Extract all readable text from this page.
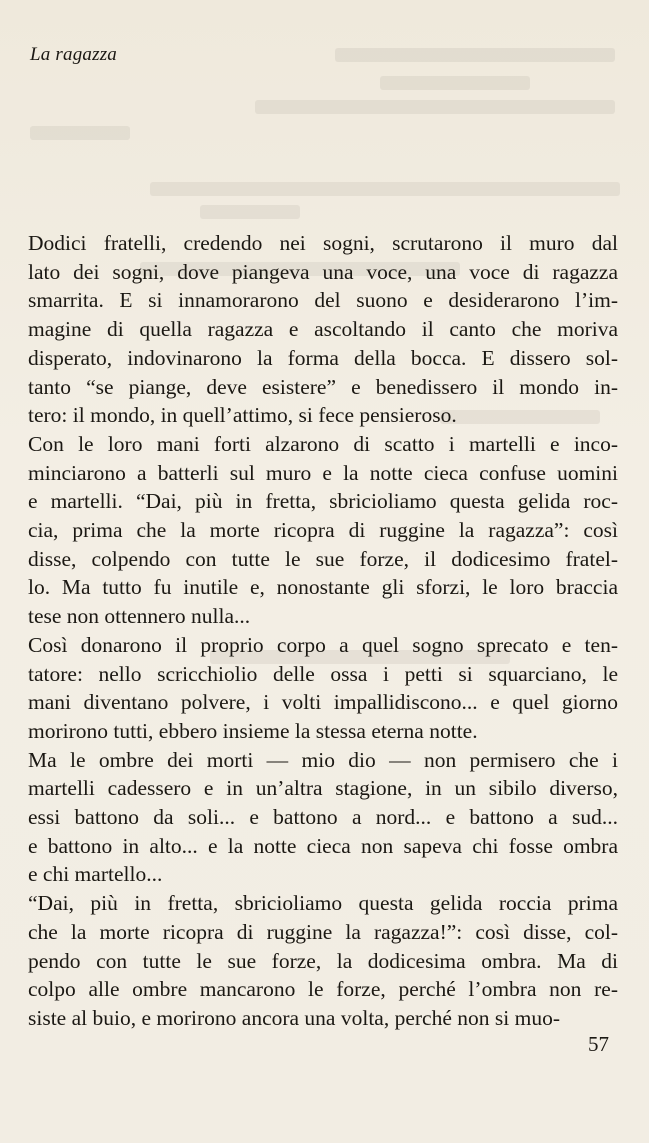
La ragazza
Dodici fratelli, credendo nei sogni, scrutarono il muro dal
lato dei sogni, dove piangeva una voce, una voce di ragazza
smarrita. E si innamorarono del suono e desiderarono l’im-
magine di quella ragazza e ascoltando il canto che moriva
disperato, indovinarono la forma della bocca. E dissero sol-
tanto “se piange, deve esistere” e benedissero il mondo in-
tero: il mondo, in quell’attimo, si fece pensieroso.
Con le loro mani forti alzarono di scatto i martelli e inco-
minciarono a batterli sul muro e la notte cieca confuse uomini
e martelli. “Dai, più in fretta, sbricioliamo questa gelida roc-
cia, prima che la morte ricopra di ruggine la ragazza”: così
disse, colpendo con tutte le sue forze, il dodicesimo fratel-
lo. Ma tutto fu inutile e, nonostante gli sforzi, le loro braccia
tese non ottennero nulla...
Così donarono il proprio corpo a quel sogno sprecato e ten-
tatore: nello scricchiolio delle ossa i petti si squarciano, le
mani diventano polvere, i volti impallidiscono... e quel giorno
morirono tutti, ebbero insieme la stessa eterna notte.
Ma le ombre dei morti — mio dio — non permisero che i
martelli cadessero e in un’altra stagione, in un sibilo diverso,
essi battono da soli... e battono a nord... e battono a sud...
e battono in alto... e la notte cieca non sapeva chi fosse ombra
e chi martello...
“Dai, più in fretta, sbricioliamo questa gelida roccia prima
che la morte ricopra di ruggine la ragazza!”: così disse, col-
pendo con tutte le sue forze, la dodicesima ombra. Ma di
colpo alle ombre mancarono le forze, perché l’ombra non re-
siste al buio, e morirono ancora una volta, perché non si muo-
57
